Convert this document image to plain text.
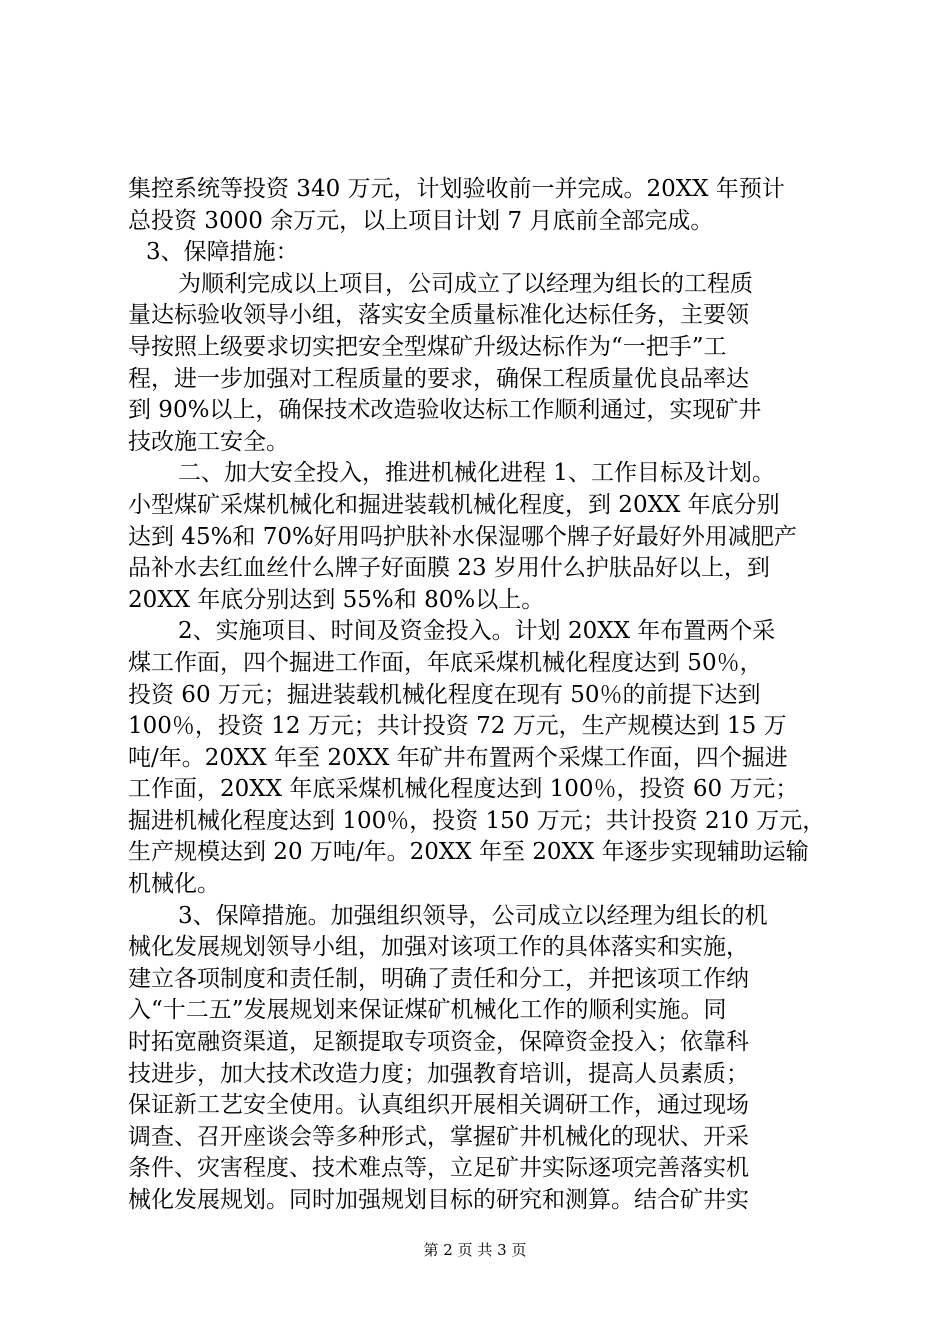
集控系统等投资 340 万元，计划验收前一并完成。20XX 年预计
总投资 3000 余万元，以上项目计划 7 月底前全部完成。
3、保障措施：
为顺利完成以上项目，公司成立了以经理为组长的工程质
量达标验收领导小组，落实安全质量标准化达标任务，主要领
导按照上级要求切实把安全型煤矿升级达标作为“一把手”工
程，进一步加强对工程质量的要求，确保工程质量优良品率达
到 90%以上，确保技术改造验收达标工作顺利通过，实现矿井
技改施工安全。
二、加大安全投入，推进机械化进程 1、工作目标及计划。
小型煤矿采煤机械化和掘进装载机械化程度，到 20XX 年底分别
达到 45%和 70%好用吗护肤补水保湿哪个牌子好最好外用减肥产
品补水去红血丝什么牌子好面膜 23 岁用什么护肤品好以上，到
20XX 年底分别达到 55%和 80%以上。
2、实施项目、时间及资金投入。计划 20XX 年布置两个采
煤工作面，四个掘进工作面，年底采煤机械化程度达到 50％，
投资 60 万元；掘进装载机械化程度在现有 50％的前提下达到
100％，投资 12 万元；共计投资 72 万元，生产规模达到 15 万
吨/年。20XX 年至 20XX 年矿井布置两个采煤工作面，四个掘进
工作面，20XX 年底采煤机械化程度达到 100％，投资 60 万元；
掘进机械化程度达到 100％，投资 150 万元；共计投资 210 万元，
生产规模达到 20 万吨/年。20XX 年至 20XX 年逐步实现辅助运输
机械化。
3、保障措施。加强组织领导，公司成立以经理为组长的机
械化发展规划领导小组，加强对该项工作的具体落实和实施，
建立各项制度和责任制，明确了责任和分工，并把该项工作纳
入“十二五”发展规划来保证煤矿机械化工作的顺利实施。同
时拓宽融资渠道，足额提取专项资金，保障资金投入；依靠科
技进步，加大技术改造力度；加强教育培训，提高人员素质；
保证新工艺安全使用。认真组织开展相关调研工作，通过现场
调查、召开座谈会等多种形式，掌握矿井机械化的现状、开采
条件、灾害程度、技术难点等，立足矿井实际逐项完善落实机
械化发展规划。同时加强规划目标的研究和测算。结合矿井实
第 2 页 共 3 页
